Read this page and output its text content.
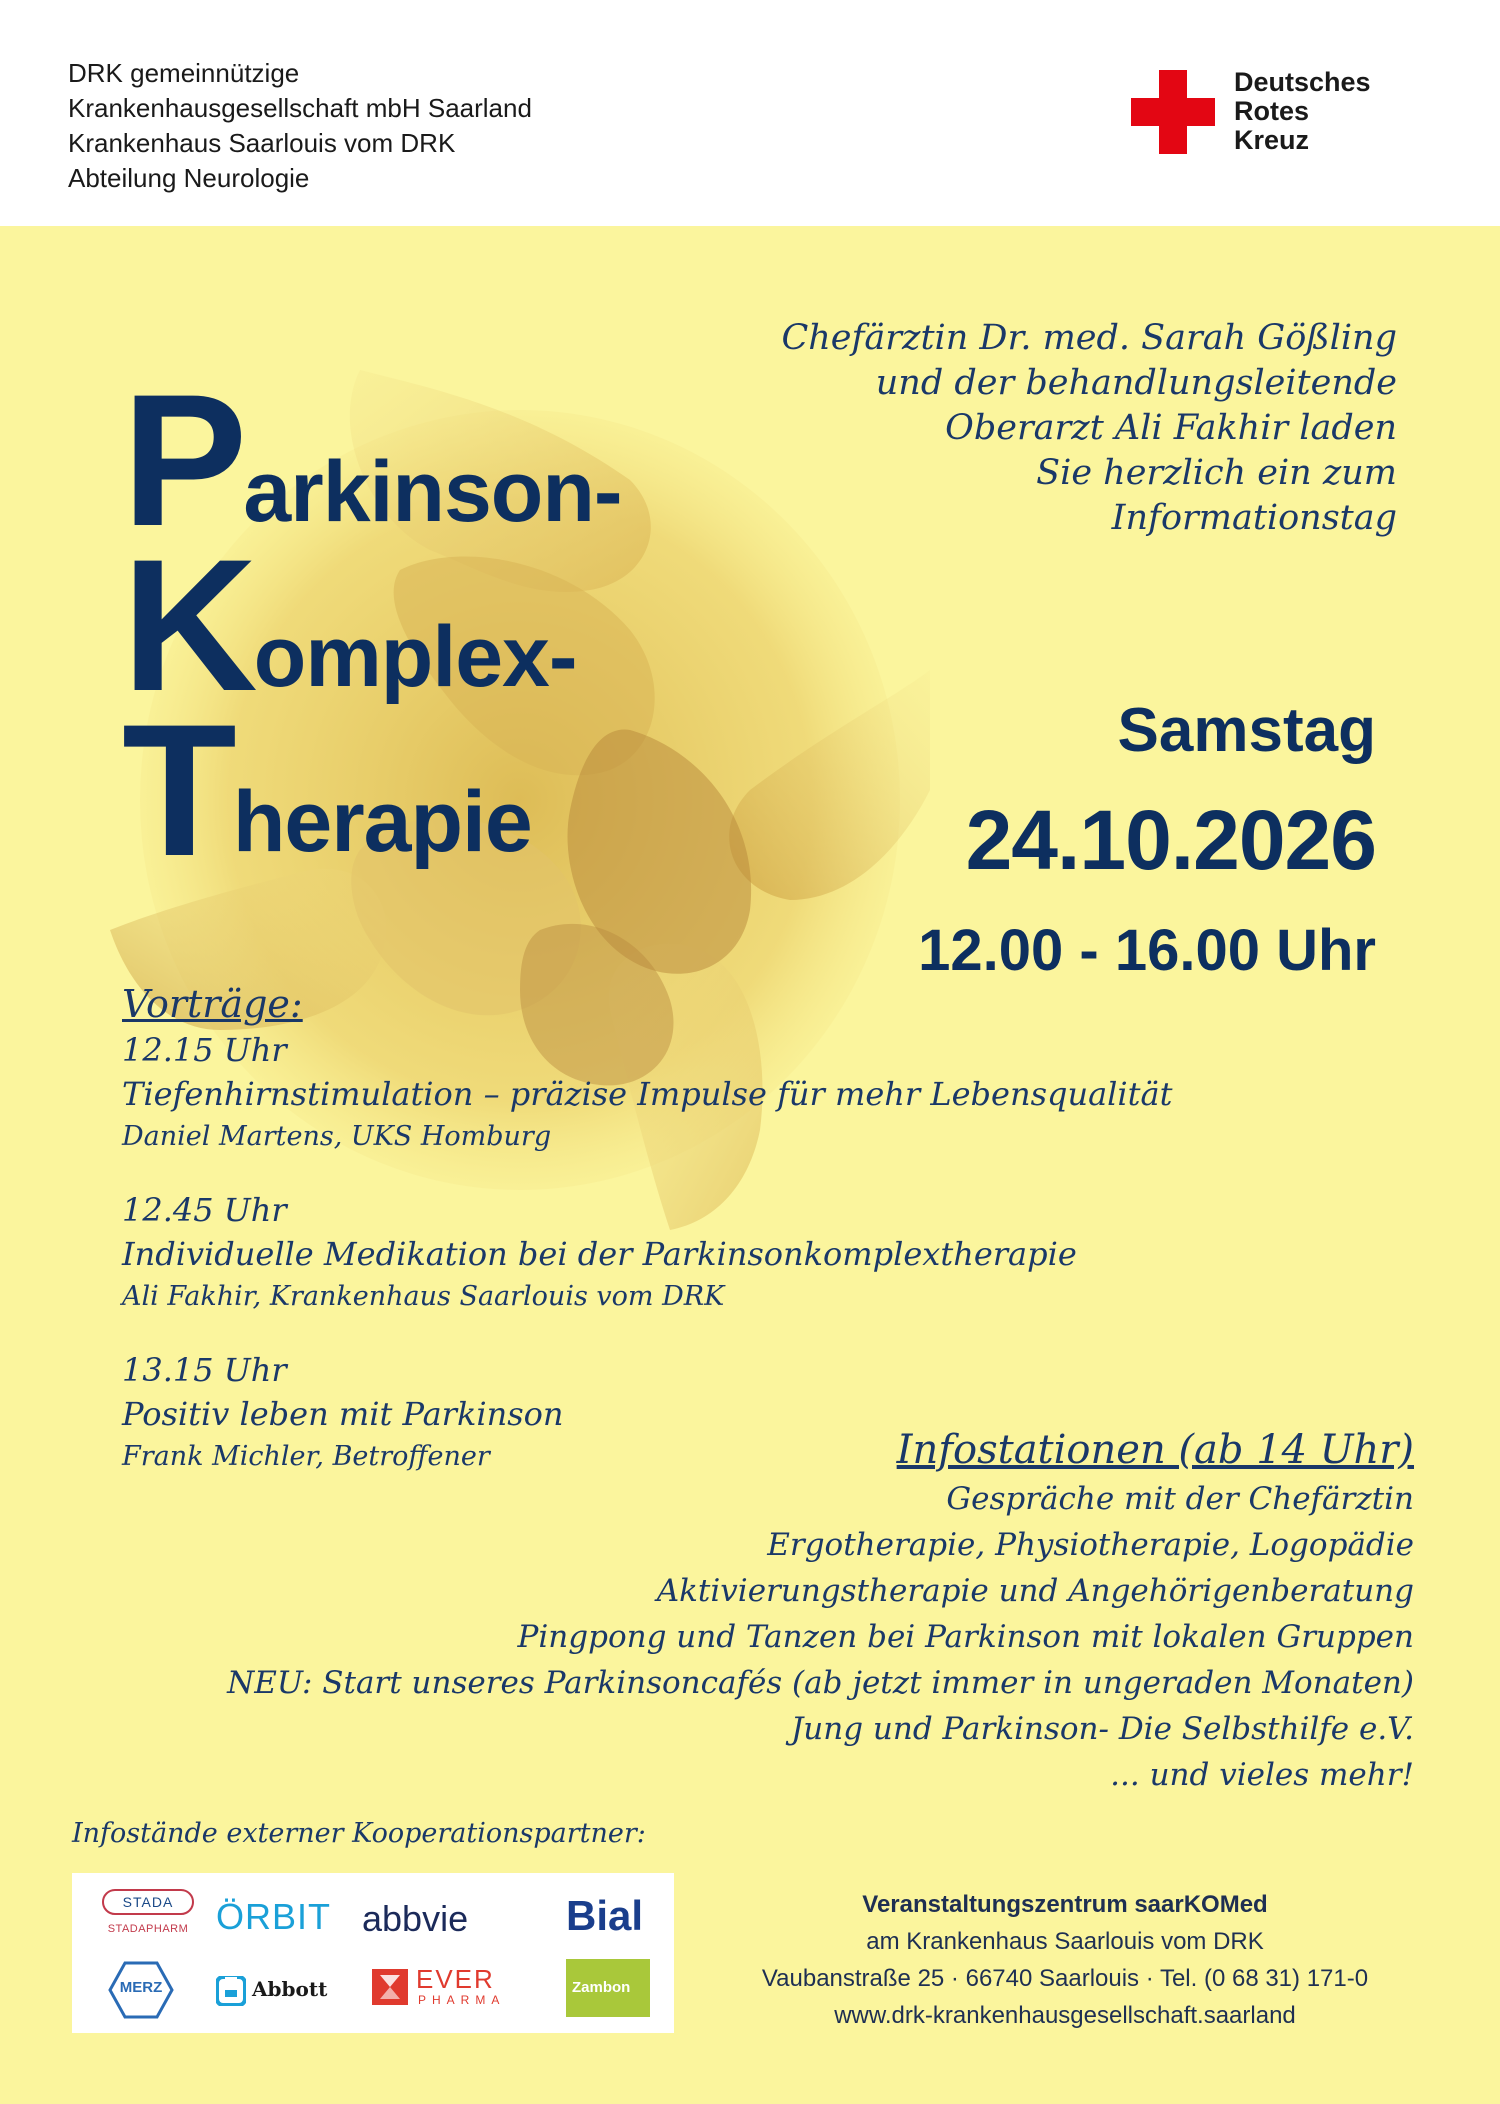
DRK gemeinnützige
Krankenhausgesellschaft mbH Saarland
Krankenhaus Saarlouis vom DRK
Abteilung Neurologie
Deutsches
Rotes
Kreuz
Parkinson-
Komplex-
Therapie
Chefärztin Dr. med. Sarah Gößling
und der behandlungsleitende
Oberarzt Ali Fakhir laden
Sie herzlich ein zum
Informationstag
Samstag
24.10.2026
12.00 - 16.00 Uhr
Vorträge:
12.15 Uhr
Tiefenhirnstimulation – präzise Impulse für mehr Lebensqualität
Daniel Martens, UKS Homburg
12.45 Uhr
Individuelle Medikation bei der Parkinsonkomplextherapie
Ali Fakhir, Krankenhaus Saarlouis vom DRK
13.15 Uhr
Positiv leben mit Parkinson
Frank Michler, Betroffener	Infostationen (ab 14 Uhr)
Gespräche mit der Chefärztin
Ergotherapie, Physiotherapie, Logopädie
Aktivierungstherapie und Angehörigenberatung
Pingpong und Tanzen bei Parkinson mit lokalen Gruppen
NEU: Start unseres Parkinsoncafés (ab jetzt immer in ungeraden Monaten)
Jung und Parkinson- Die Selbsthilfe e.V.
... und vieles mehr!
Infostände externer Kooperationspartner:
STADA
STADAPHARM
MERZ
ÖRBIT
Abbott
abbvie
EVER
PHARMA
Bial
Zambon
Veranstaltungszentrum saarKOMed
am Krankenhaus Saarlouis vom DRK
Vaubanstraße 25 · 66740 Saarlouis · Tel. (0 68 31) 171-0
www.drk-krankenhausgesellschaft.saarland
